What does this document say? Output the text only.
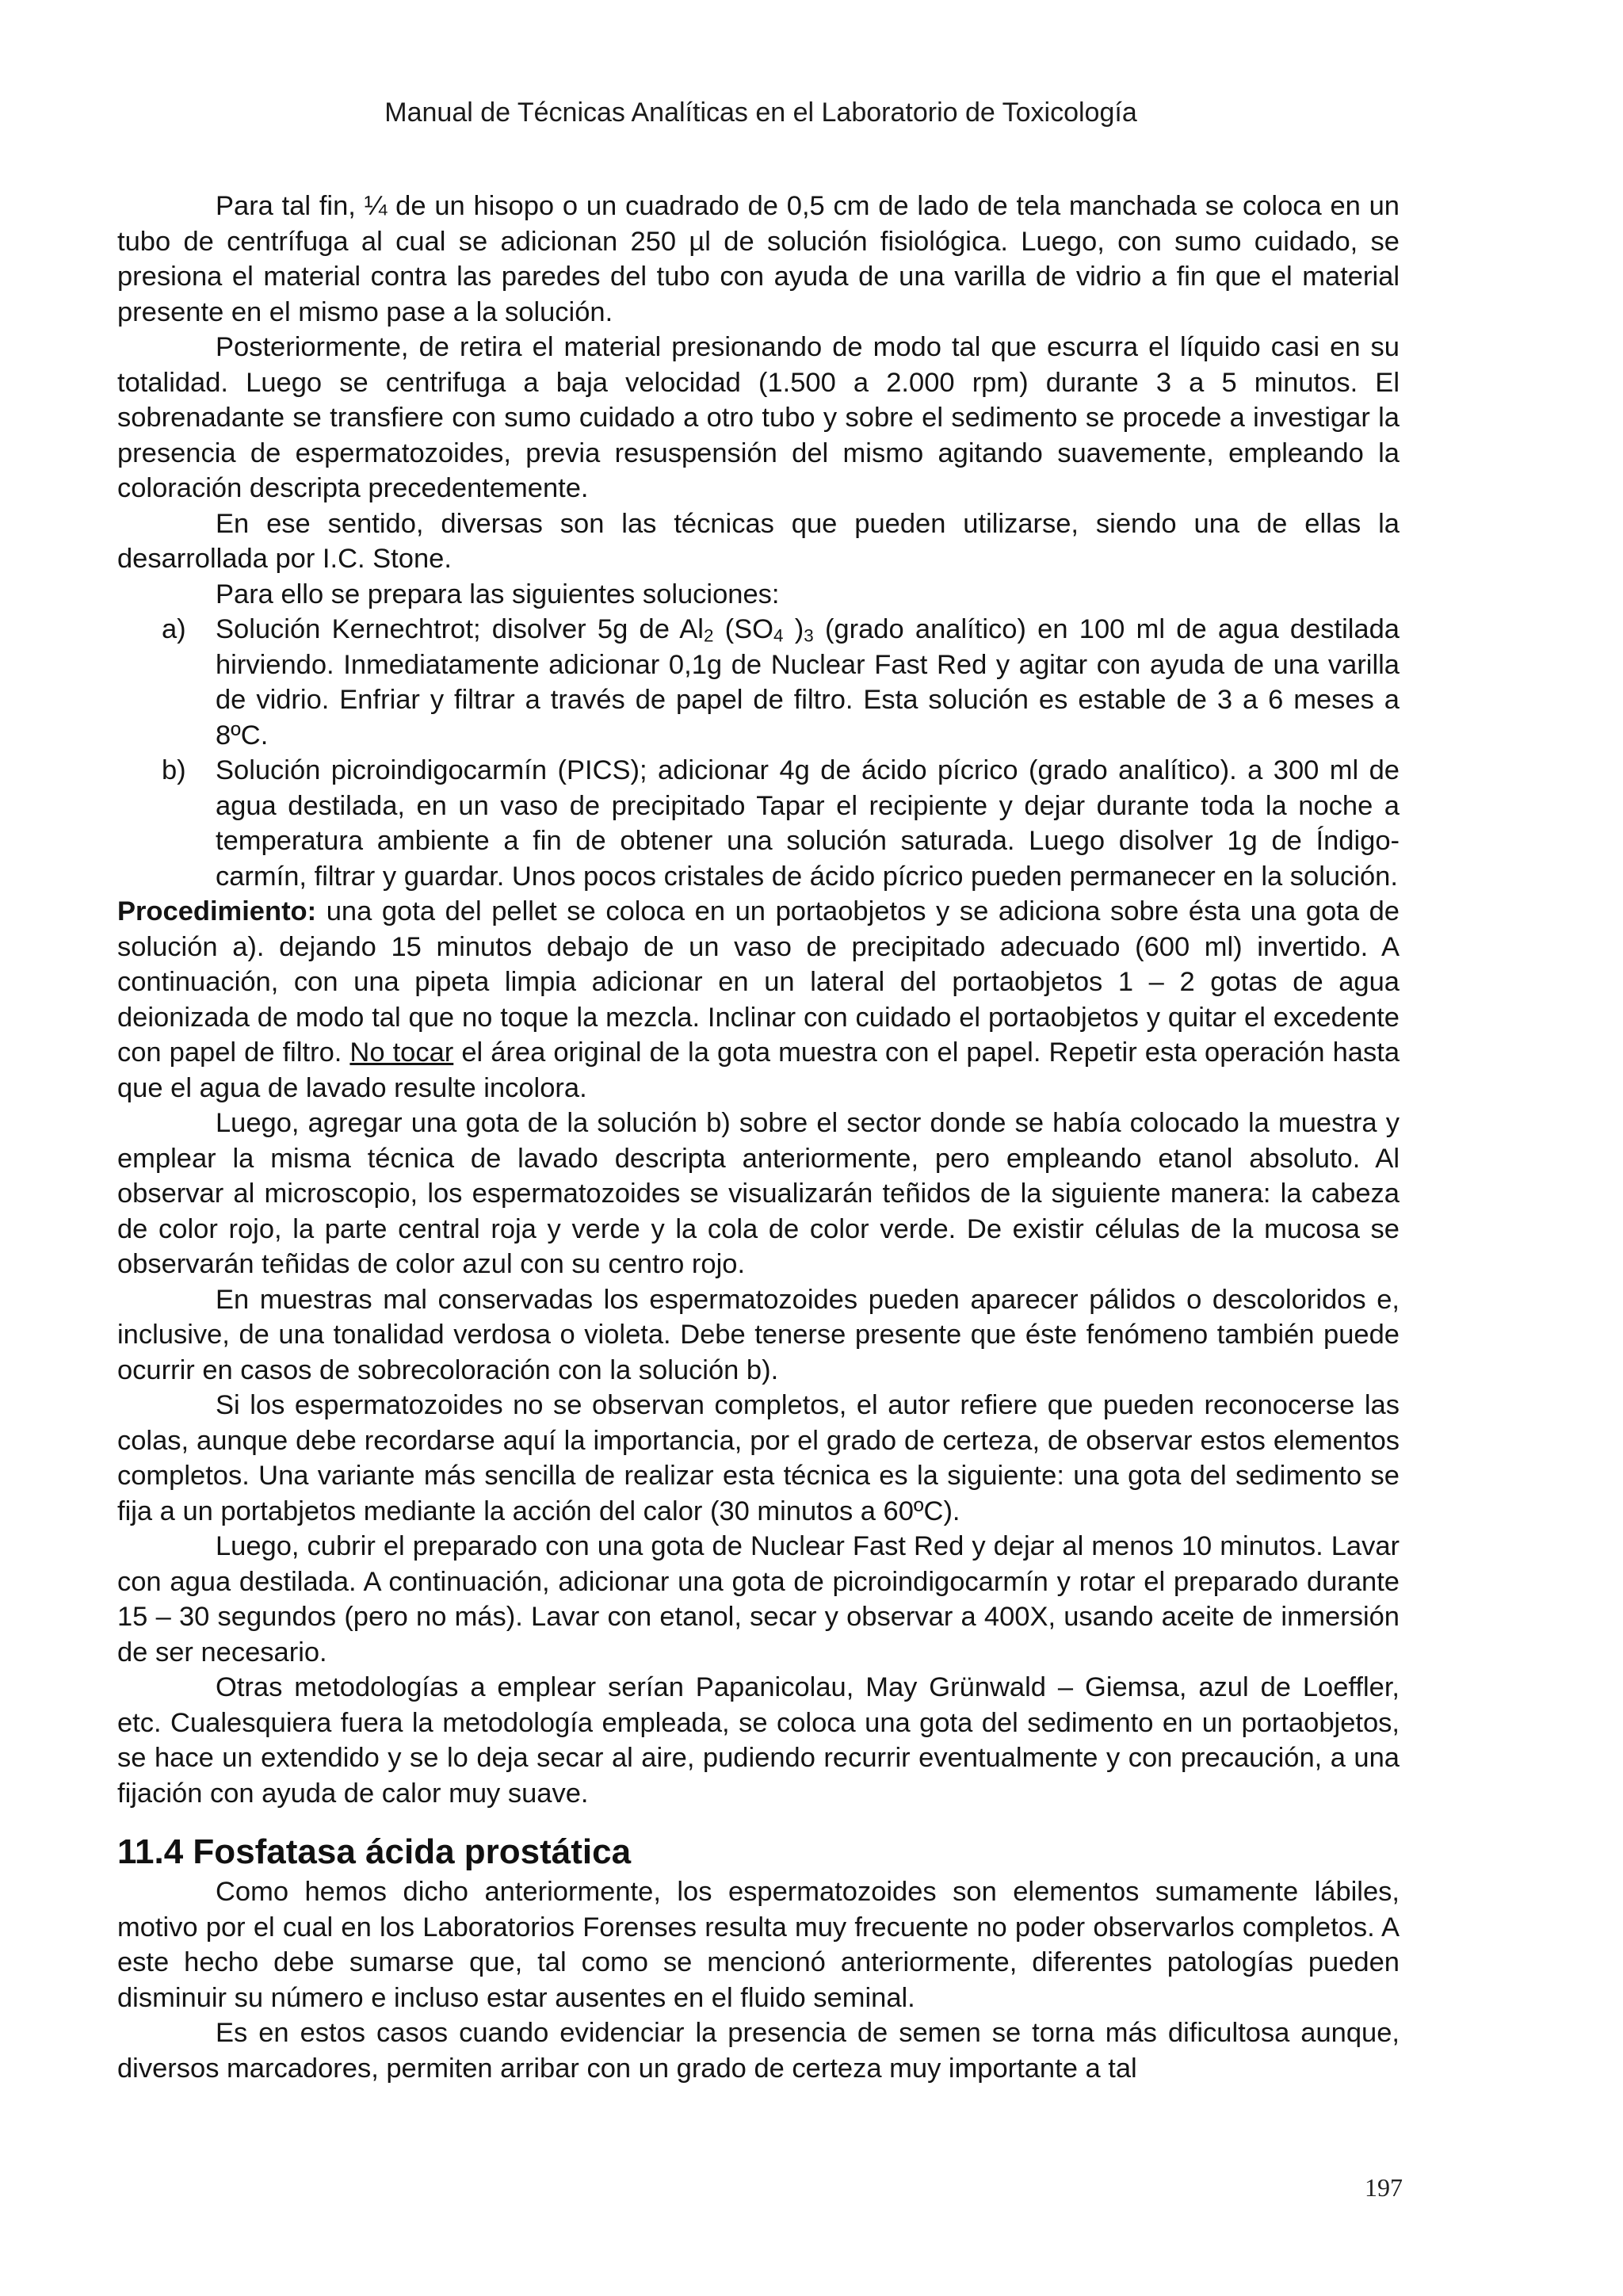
Manual de Técnicas Analíticas en el Laboratorio de Toxicología

Para tal fin, ¼ de un hisopo o un cuadrado de 0,5 cm de lado de tela manchada se coloca en un tubo de centrífuga al cual se adicionan 250 µl de solución fisiológica. Luego, con sumo cuidado, se presiona el material contra las paredes del tubo con ayuda de una varilla de vidrio a fin que el material presente en el mismo pase a la solución.

Posteriormente, de retira el material presionando de modo tal que escurra el líquido casi en su totalidad. Luego se centrifuga a baja velocidad (1.500 a 2.000 rpm) durante 3 a 5 minutos. El sobrenadante se transfiere con sumo cuidado a otro tubo y sobre el sedimento se procede a investigar la presencia de espermatozoides, previa resuspensión del mismo agitando suavemente, empleando la coloración descripta precedentemente.

En ese sentido, diversas son las técnicas que pueden utilizarse, siendo una de ellas la desarrollada por I.C. Stone.

Para ello se prepara las siguientes soluciones:

a)	Solución Kernechtrot; disolver 5g de $Al_2$ ($SO_4$ )$_3$ (grado analítico) en 100 ml de agua destilada hirviendo. Inmediatamente adicionar 0,1g de Nuclear Fast Red y agitar con ayuda de una varilla de vidrio. Enfriar y filtrar a través de papel de filtro. Esta solución es estable de 3 a 6 meses a 8ºC.
b)	Solución picroindigocarmín (PICS); adicionar 4g de ácido pícrico (grado analítico). a 300 ml de agua destilada, en un vaso de precipitado Tapar el recipiente y dejar durante toda la noche a temperatura ambiente a fin de obtener una solución saturada. Luego disolver 1g de Índigo-carmín, filtrar y guardar. Unos pocos cristales de ácido pícrico pueden permanecer en la solución.

Procedimiento: una gota del pellet se coloca en un portaobjetos y se adiciona sobre ésta una gota de solución a). dejando 15 minutos debajo de un vaso de precipitado adecuado (600 ml) invertido. A continuación, con una pipeta limpia adicionar en un lateral del portaobjetos 1 – 2 gotas de agua deionizada de modo tal que no toque la mezcla. Inclinar con cuidado el portaobjetos y quitar el excedente con papel de filtro. No tocar el área original de la gota muestra con el papel. Repetir esta operación hasta que el agua de lavado resulte incolora.

Luego, agregar una gota de la solución b) sobre el sector donde se había colocado la muestra y emplear la misma técnica de lavado descripta anteriormente, pero empleando etanol absoluto. Al observar al microscopio, los espermatozoides se visualizarán teñidos de la siguiente manera: la cabeza de color rojo, la parte central roja y verde y la cola de color verde. De existir células de la mucosa se observarán teñidas de color azul con su centro rojo.

En muestras mal conservadas los espermatozoides pueden aparecer pálidos o descoloridos e, inclusive, de una tonalidad verdosa o violeta. Debe tenerse presente que éste fenómeno también puede ocurrir en casos de sobrecoloración con la solución b).

Si los espermatozoides no se observan completos, el autor refiere que pueden reconocerse las colas, aunque debe recordarse aquí la importancia, por el grado de certeza, de observar estos elementos completos. Una variante más sencilla de realizar esta técnica es la siguiente: una gota del sedimento se fija a un portabjetos mediante la acción del calor (30 minutos a 60ºC).

Luego, cubrir el preparado con una gota de Nuclear Fast Red y dejar al menos 10 minutos. Lavar con agua destilada. A continuación, adicionar una gota de picroindigocarmín y rotar el preparado durante 15 – 30 segundos (pero no más). Lavar con etanol, secar y observar a 400X, usando aceite de inmersión de ser necesario.

Otras metodologías a emplear serían Papanicolau, May Grünwald – Giemsa, azul de Loeffler, etc. Cualesquiera fuera la metodología empleada, se coloca una gota del sedimento en un portaobjetos, se hace un extendido y se lo deja secar al aire, pudiendo recurrir eventualmente y con precaución, a una fijación con ayuda de calor muy suave.

11.4 Fosfatasa ácida prostática

Como hemos dicho anteriormente, los espermatozoides son elementos sumamente lábiles, motivo por el cual en los Laboratorios Forenses resulta muy frecuente no poder observarlos completos. A este hecho debe sumarse que, tal como se mencionó anteriormente, diferentes patologías pueden disminuir su número e incluso estar ausentes en el fluido seminal.

Es en estos casos cuando evidenciar la presencia de semen se torna más dificultosa aunque, diversos marcadores, permiten arribar con un grado de certeza muy importante a tal

197
